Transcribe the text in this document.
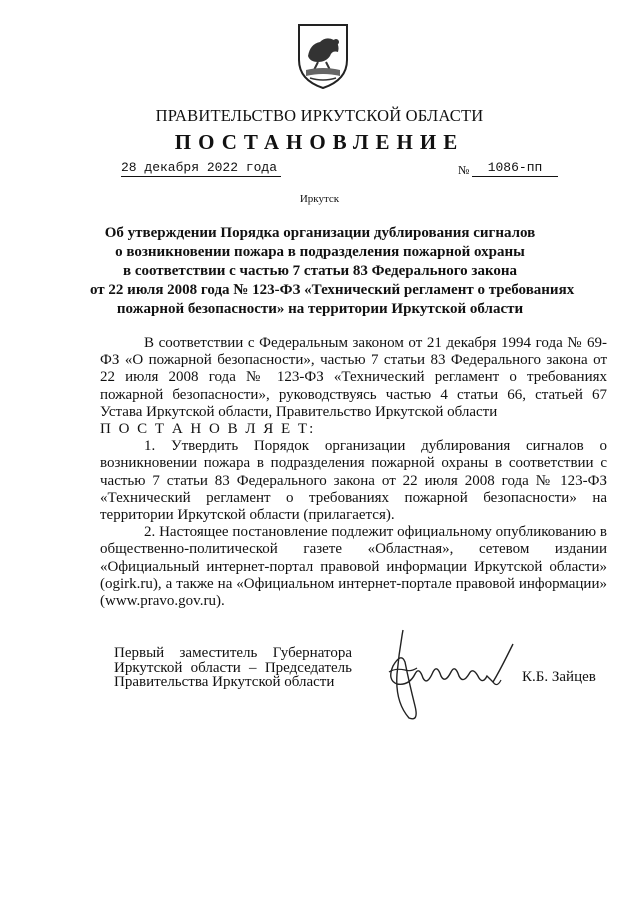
ПРАВИТЕЛЬСТВО ИРКУТСКОЙ ОБЛАСТИ
ПОСТАНОВЛЕНИЕ
28 декабря 2022 года	№	1086-пп
Иркутск
Об утверждении Порядка организации дублирования сигналов
о возникновении пожара в подразделения пожарной охраны
в соответствии с частью 7 статьи 83 Федерального закона
от 22 июля 2008 года № 123-ФЗ «Технический регламент о требованиях
пожарной безопасности» на территории Иркутской области

В соответствии с Федеральным законом от 21 декабря 1994 года № 69-ФЗ «О пожарной безопасности», частью 7 статьи 83 Федерального закона от 22 июля 2008 года № 123-ФЗ «Технический регламент о требованиях пожарной безопасности», руководствуясь частью 4 статьи 66, статьей 67 Устава Иркутской области, Правительство Иркутской области

П О С Т А Н О В Л Я Е Т:

1. Утвердить Порядок организации дублирования сигналов о возникновении пожара в подразделения пожарной охраны в соответствии с частью 7 статьи 83 Федерального закона от 22 июля 2008 года № 123-ФЗ «Технический регламент о требованиях пожарной безопасности» на территории Иркутской области (прилагается).

2. Настоящее постановление подлежит официальному опубликованию в общественно-политической газете «Областная», сетевом издании «Официальный интернет-портал правовой информации Иркутской области» (ogirk.ru), а также на «Официальном интернет-портале правовой информации» (www.pravo.gov.ru).

Первый заместитель Губернатора
Иркутской области – Председатель
Правительства Иркутской области	К.Б. Зайцев
